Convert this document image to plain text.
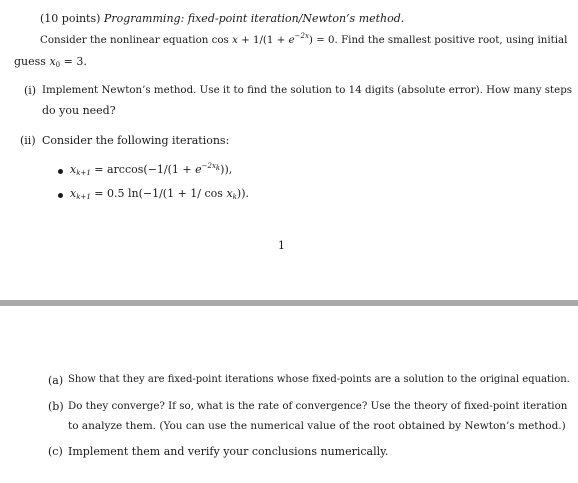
(10 points) Programming: fixed-point iteration/Newton’s method.
Consider the nonlinear equation $\cos x + 1/(1 + e^{-2x}) = 0$. Find the smallest positive root, using initial
guess $x_0 = 3$.
(i) Implement Newton’s method. Use it to find the solution to 14 digits (absolute error). How many steps
do you need?
(ii) Consider the following iterations:
$x_{k+1} = \arccos(-1/(1 + e^{-2x_k}))$,
$x_{k+1} = 0.5$ ln(−1/(1 + 1/ $\cos x_k$)).
1
(a) Show that they are fixed-point iterations whose fixed-points are a solution to the original equation.
(b) Do they converge? If so, what is the rate of convergence? Use the theory of fixed-point iteration
to analyze them. (You can use the numerical value of the root obtained by Newton’s method.)
(c) Implement them and verify your conclusions numerically.
